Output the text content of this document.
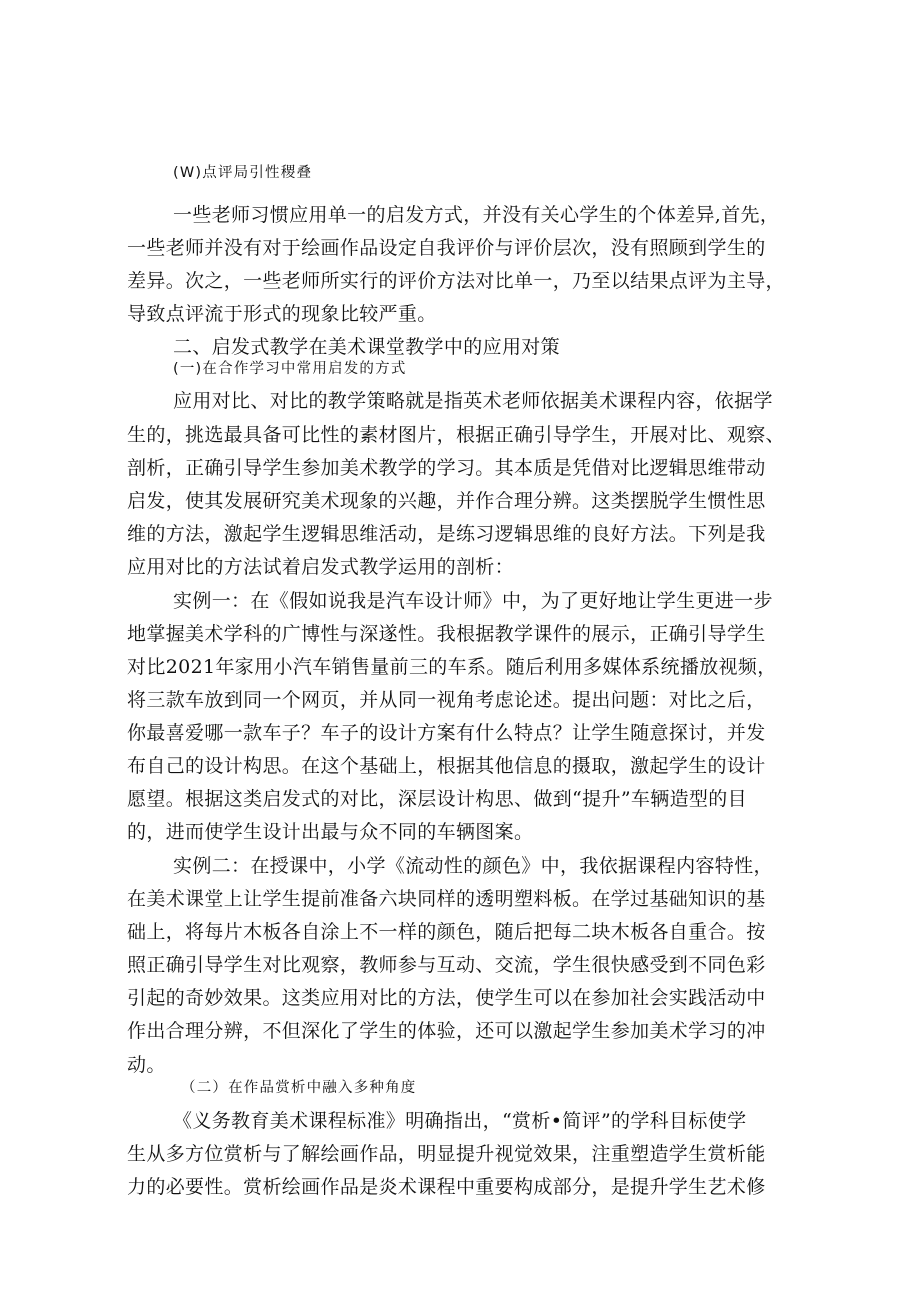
(W)点评局引性稷叠
一些老师习惯应用单一的启发方式，并没有关心学生的个体差异,首先，
一些老师并没有对于绘画作品设定自我评价与评价层次，没有照顾到学生的
差异。次之，一些老师所实行的评价方法对比单一，乃至以结果点评为主导，
导致点评流于形式的现象比较严重。
二、启发式教学在美术课堂教学中的应用对策
(一)在合作学习中常用启发的方式
应用对比、对比的教学策略就是指英术老师依据美术课程内容，依据学
生的，挑选最具备可比性的素材图片，根据正确引导学生，开展对比、观察、
剖析，正确引导学生参加美术教学的学习。其本质是凭借对比逻辑思维带动
启发，使其发展研究美术现象的兴趣，并作合理分辨。这类摆脱学生惯性思
维的方法，激起学生逻辑思维活动，是练习逻辑思维的良好方法。下列是我
应用对比的方法试着启发式教学运用的剖析：
实例一：在《假如说我是汽车设计师》中，为了更好地让学生更进一步
地掌握美术学科的广博性与深遂性。我根据教学课件的展示，正确引导学生
对比2021年家用小汽车销售量前三的车系。随后利用多媒体系统播放视频，
将三款车放到同一个网页，并从同一视角考虑论述。提出问题：对比之后，
你最喜爱哪一款车子？车子的设计方案有什么特点？让学生随意探讨，并发
布自己的设计构思。在这个基础上，根据其他信息的摄取，激起学生的设计
愿望。根据这类启发式的对比，深层设计构思、做到“提升”车辆造型的目
的，进而使学生设计出最与众不同的车辆图案。
实例二：在授课中，小学《流动性的颜色》中，我依据课程内容特性，
在美术课堂上让学生提前准备六块同样的透明塑料板。在学过基础知识的基
础上，将每片木板各自涂上不一样的颜色，随后把每二块木板各自重合。按
照正确引导学生对比观察，教师参与互动、交流，学生很快感受到不同色彩
引起的奇妙效果。这类应用对比的方法，使学生可以在参加社会实践活动中
作出合理分辨，不但深化了学生的体验，还可以激起学生参加美术学习的冲
动。
（二）在作品赏析中融入多种角度
《义务教育美术课程标准》明确指出，“赏析•简评”的学科目标使学
生从多方位赏析与了解绘画作品，明显提升视觉效果，注重塑造学生赏析能
力的必要性。赏析绘画作品是炎术课程中重要构成部分，是提升学生艺术修
